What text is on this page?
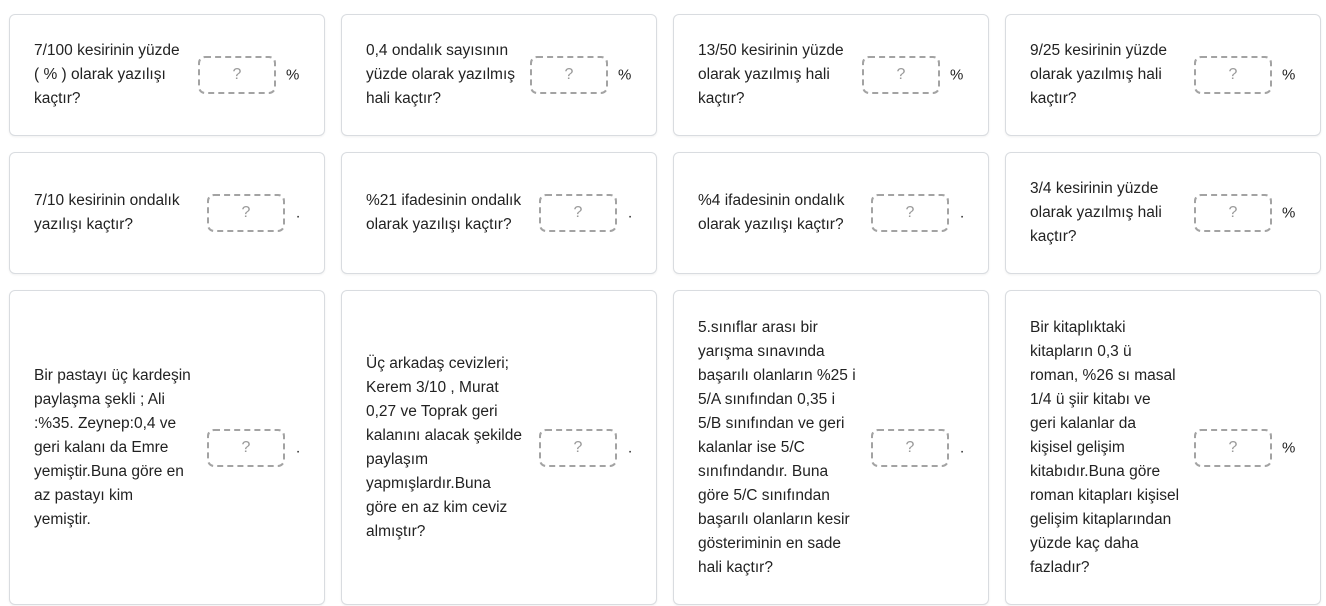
7/100 kesirinin yüzde
( % ) olarak yazılışı
kaçtır?
?	%
0,4 ondalık sayısının
yüzde olarak yazılmış
hali kaçtır?
?	%
13/50 kesirinin yüzde
olarak yazılmış hali
kaçtır?
?	%
9/25 kesirinin yüzde
olarak yazılmış hali
kaçtır?
?	%
7/10 kesirinin ondalık
yazılışı kaçtır?
?	.
%21 ifadesinin ondalık
olarak yazılışı kaçtır?
?	.
%4 ifadesinin ondalık
olarak yazılışı kaçtır?
?	.
3/4 kesirinin yüzde
olarak yazılmış hali
kaçtır?
?	%
Bir pastayı üç kardeşin
paylaşma şekli ; Ali
:%35. Zeynep:0,4 ve
geri kalanı da Emre
yemiştir.Buna göre en
az pastayı kim
yemiştir.
?	.
Üç arkadaş cevizleri;
Kerem 3/10 , Murat
0,27 ve Toprak geri
kalanını alacak şekilde
paylaşım
yapmışlardır.Buna
göre en az kim ceviz
almıştır?
?	.
5.sınıflar arası bir
yarışma sınavında
başarılı olanların %25 i
5/A sınıfından 0,35 i
5/B sınıfından ve geri
kalanlar ise 5/C
sınıfındandır. Buna
göre 5/C sınıfından
başarılı olanların kesir
gösteriminin en sade
hali kaçtır?
?	.
Bir kitaplıktaki
kitapların 0,3 ü
roman, %26 sı masal
1/4 ü şiir kitabı ve
geri kalanlar da
kişisel gelişim
kitabıdır.Buna göre
roman kitapları kişisel
gelişim kitaplarından
yüzde kaç daha
fazladır?
?	%
